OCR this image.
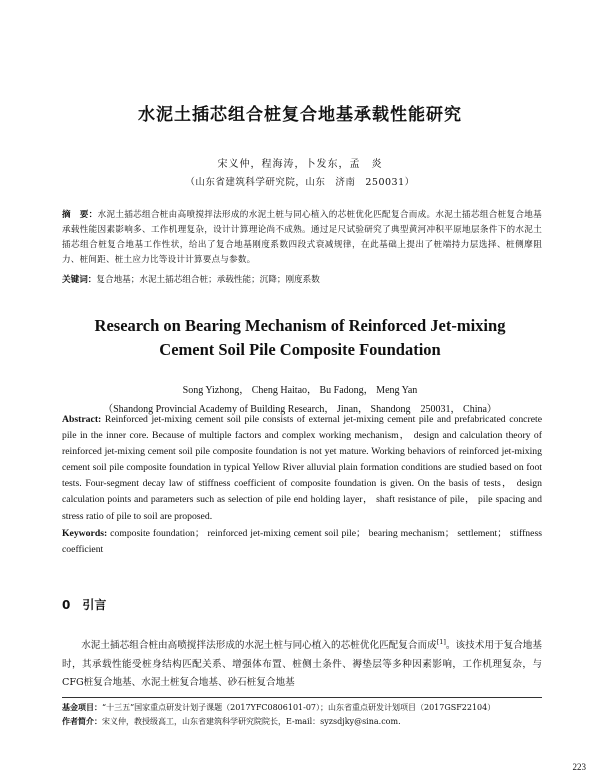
水泥土插芯组合桩复合地基承载性能研究
宋义仲，程海涛，卜发东，孟　炎
（山东省建筑科学研究院，山东　济南　250031）
摘　要：水泥土插芯组合桩由高喷搅拌法形成的水泥土桩与同心植入的芯桩优化匹配复合而成。水泥土插芯组合桩复合地基承载性能因素影响多、工作机理复杂，设计计算理论尚不成熟。通过足尺试验研究了典型黄河冲积平原地层条件下的水泥土插芯组合桩复合地基工作性状，给出了复合地基刚度系数四段式衰减规律，在此基础上提出了桩端持力层选择、桩侧摩阻力、桩间距、桩土应力比等设计计算要点与参数。
关键词：复合地基；水泥土插芯组合桩；承载性能；沉降；刚度系数
Research on Bearing Mechanism of Reinforced Jet-mixing
Cement Soil Pile Composite Foundation
Song Yizhong， Cheng Haitao， Bu Fadong， Meng Yan
（Shandong Provincial Academy of Building Research， Jinan， Shandong　250031， China）
Abstract: Reinforced jet-mixing cement soil pile consists of external jet-mixing cement pile and prefabricated concrete pile in the inner core. Because of multiple factors and complex working mechanism， design and calculation theory of reinforced jet-mixing cement soil pile composite foundation is not yet mature. Working behaviors of reinforced jet-mixing cement soil pile composite foundation in typical Yellow River alluvial plain formation conditions are studied based on foot tests. Four-segment decay law of stiffness coefficient of composite foundation is given. On the basis of tests， design calculation points and parameters such as selection of pile end holding layer， shaft resistance of pile， pile spacing and stress ratio of pile to soil are proposed.
Keywords: composite foundation； reinforced jet-mixing cement soil pile； bearing mechanism； settlement； stiffness coefficient
0 引言
水泥土插芯组合桩由高喷搅拌法形成的水泥土桩与同心植入的芯桩优化匹配复合而成[1]。该技术用于复合地基时，其承载性能受桩身结构匹配关系、增强体布置、桩侧土条件、褥垫层等多种因素影响，工作机理复杂，与CFG桩复合地基、水泥土桩复合地基、砂石桩复合地基
基金项目：“十三五”国家重点研发计划子课题（2017YFC0806101-07）；山东省重点研发计划项目（2017GSF22104）
作者简介：宋义仲，教授级高工，山东省建筑科学研究院院长，E-mail：syzsdjky@sina.com.
223
